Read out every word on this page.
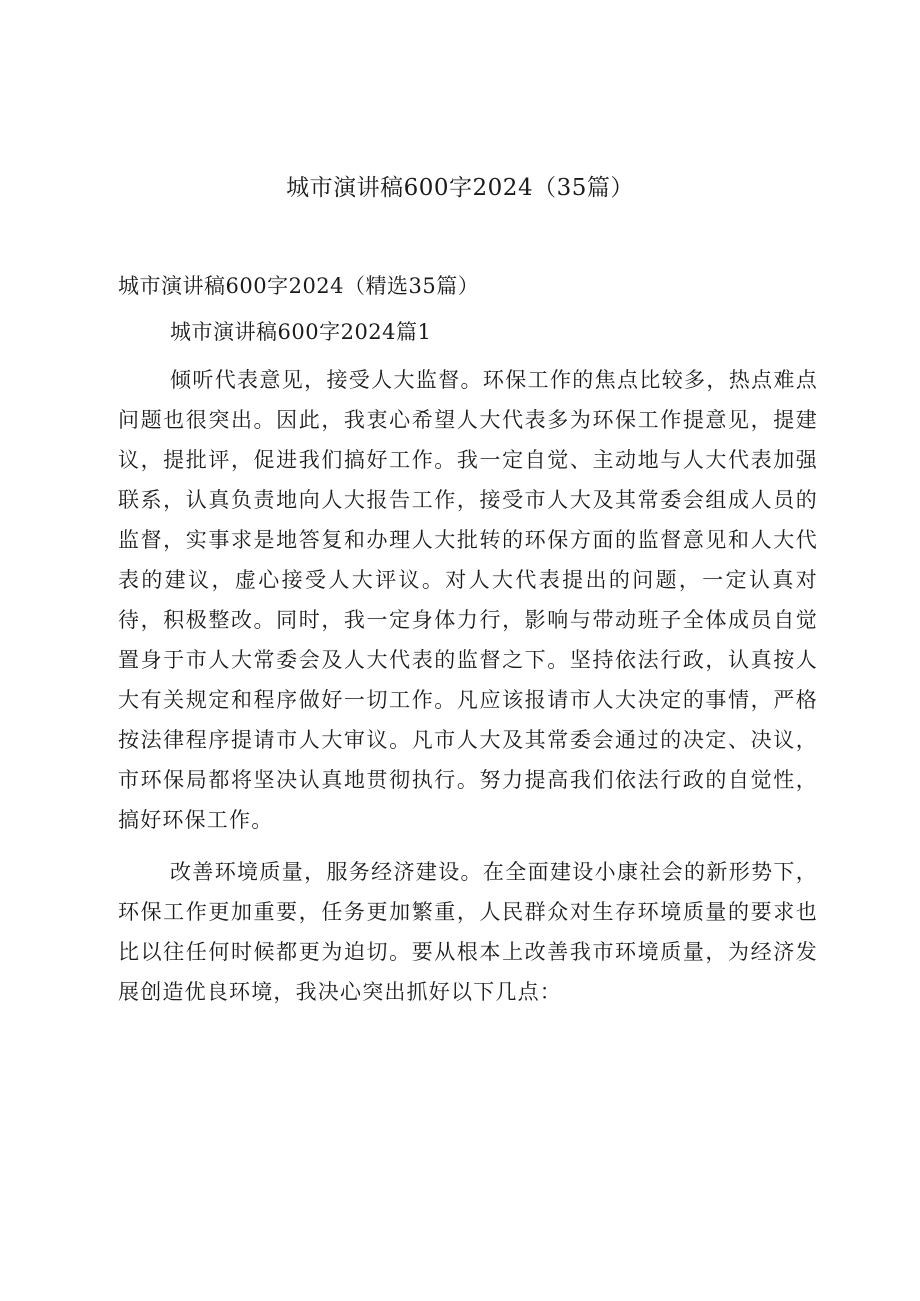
城市演讲稿600字2024（35篇）

城市演讲稿600字2024（精选35篇）

城市演讲稿600字2024篇1

倾听代表意见，接受人大监督。环保工作的焦点比较多，热点难点问题也很突出。因此，我衷心希望人大代表多为环保工作提意见，提建议，提批评，促进我们搞好工作。我一定自觉、主动地与人大代表加强联系，认真负责地向人大报告工作，接受市人大及其常委会组成人员的监督，实事求是地答复和办理人大批转的环保方面的监督意见和人大代表的建议，虚心接受人大评议。对人大代表提出的问题，一定认真对待，积极整改。同时，我一定身体力行，影响与带动班子全体成员自觉置身于市人大常委会及人大代表的监督之下。坚持依法行政，认真按人大有关规定和程序做好一切工作。凡应该报请市人大决定的事情，严格按法律程序提请市人大审议。凡市人大及其常委会通过的决定、决议，市环保局都将坚决认真地贯彻执行。努力提高我们依法行政的自觉性，搞好环保工作。

改善环境质量，服务经济建设。在全面建设小康社会的新形势下，环保工作更加重要，任务更加繁重，人民群众对生存环境质量的要求也比以往任何时候都更为迫切。要从根本上改善我市环境质量，为经济发展创造优良环境，我决心突出抓好以下几点：
